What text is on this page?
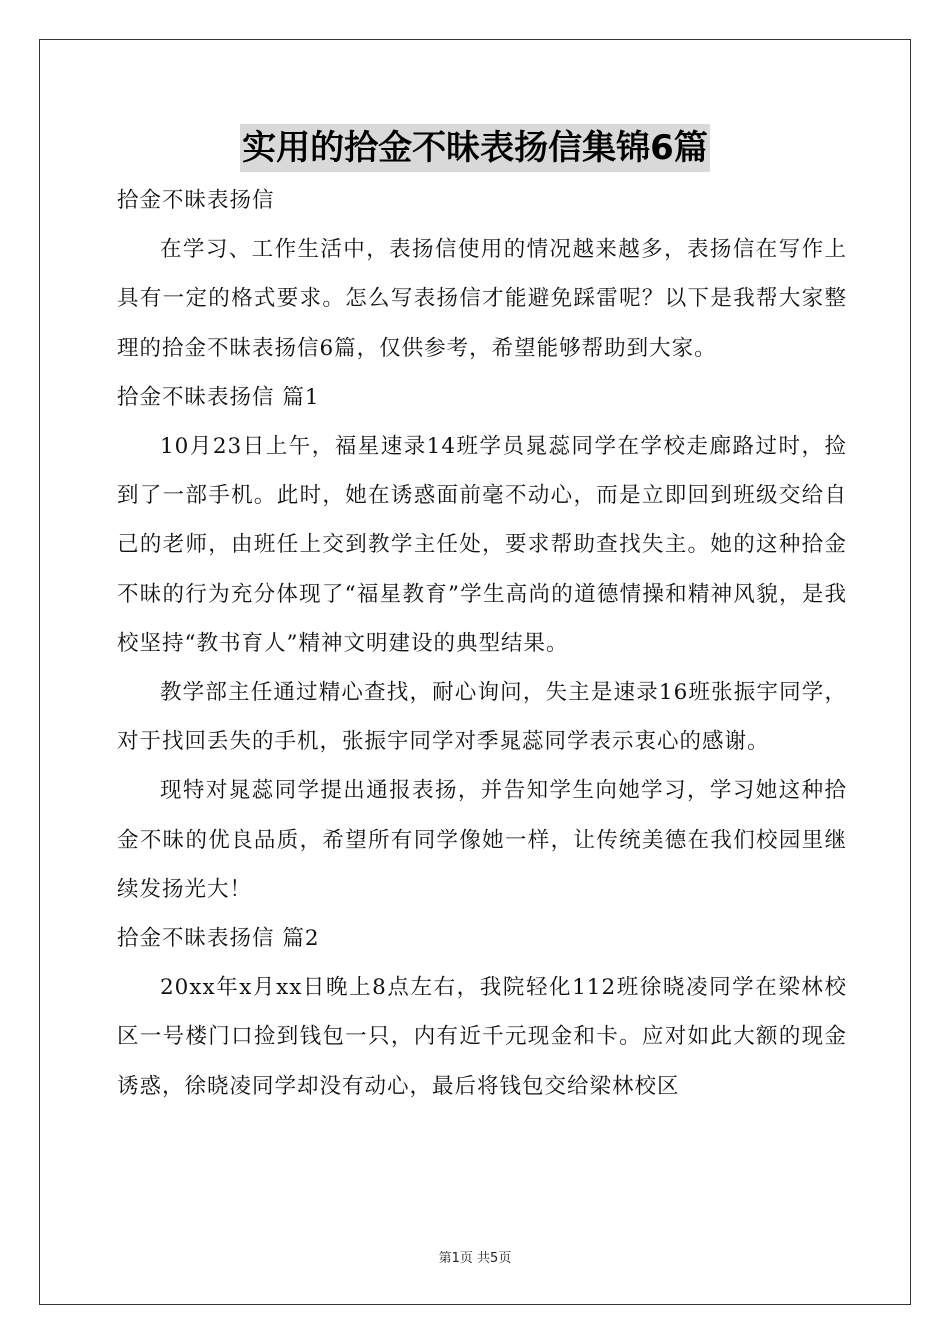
实用的拾金不昧表扬信集锦6篇

拾金不昧表扬信

在学习、工作生活中，表扬信使用的情况越来越多，表扬信在写作上具有一定的格式要求。怎么写表扬信才能避免踩雷呢？以下是我帮大家整理的拾金不昧表扬信6篇，仅供参考，希望能够帮助到大家。

拾金不昧表扬信 篇1

10月23日上午，福星速录14班学员晁蕊同学在学校走廊路过时，捡到了一部手机。此时，她在诱惑面前毫不动心，而是立即回到班级交给自己的老师，由班任上交到教学主任处，要求帮助查找失主。她的这种拾金不昧的行为充分体现了“福星教育”学生高尚的道德情操和精神风貌，是我校坚持“教书育人”精神文明建设的典型结果。

教学部主任通过精心查找，耐心询问，失主是速录16班张振宇同学，对于找回丢失的手机，张振宇同学对季晁蕊同学表示衷心的感谢。

现特对晁蕊同学提出通报表扬，并告知学生向她学习，学习她这种拾金不昧的优良品质，希望所有同学像她一样，让传统美德在我们校园里继续发扬光大！

拾金不昧表扬信 篇2

20xx年x月xx日晚上8点左右，我院轻化112班徐晓凌同学在梁林校区一号楼门口捡到钱包一只，内有近千元现金和卡。应对如此大额的现金诱惑，徐晓凌同学却没有动心，最后将钱包交给梁林校区

第1页 共5页
